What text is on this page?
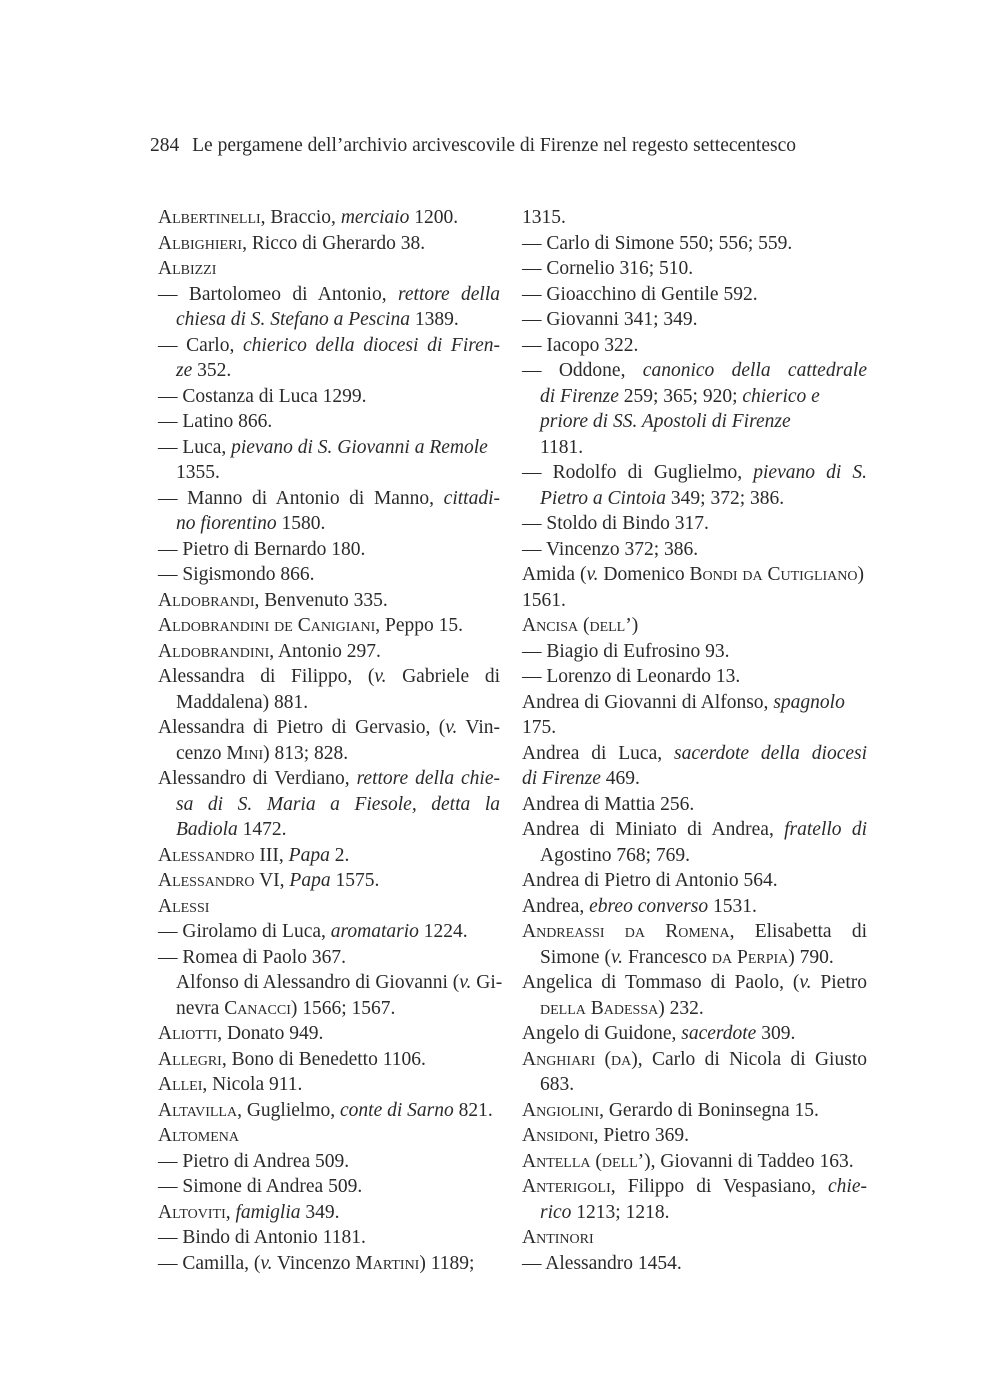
284 Le pergamene dell’archivio arcivescovile di Firenze nel regesto settecentesco
Albertinelli, Braccio, merciaio 1200.
Albighieri, Ricco di Gherardo 38.
Albizzi
— Bartolomeo di Antonio, rettore della
chiesa di S. Stefano a Pescina 1389.
— Carlo, chierico della diocesi di Firen-
ze 352.
— Costanza di Luca 1299.
— Latino 866.
— Luca, pievano di S. Giovanni a Remole
1355.
— Manno di Antonio di Manno, cittadi-
no fiorentino 1580.
— Pietro di Bernardo 180.
— Sigismondo 866.
Aldobrandi, Benvenuto 335.
Aldobrandini de Canigiani, Peppo 15.
Aldobrandini, Antonio 297.
Alessandra di Filippo, (v. Gabriele di
Maddalena) 881.
Alessandra di Pietro di Gervasio, (v. Vin-
cenzo Mini) 813; 828.
Alessandro di Verdiano, rettore della chie-
sa di S. Maria a Fiesole, detta la
Badiola 1472.
Alessandro III, Papa 2.
Alessandro VI, Papa 1575.
Alessi
— Girolamo di Luca, aromatario 1224.
— Romea di Paolo 367.
Alfonso di Alessandro di Giovanni (v. Gi-
nevra Canacci) 1566; 1567.
Aliotti, Donato 949.
Allegri, Bono di Benedetto 1106.
Allei, Nicola 911.
Altavilla, Guglielmo, conte di Sarno 821.
Altomena
— Pietro di Andrea 509.
— Simone di Andrea 509.
Altoviti, famiglia 349.
— Bindo di Antonio 1181.
— Camilla, (v. Vincenzo Martini) 1189;
1315.
— Carlo di Simone 550; 556; 559.
— Cornelio 316; 510.
— Gioacchino di Gentile 592.
— Giovanni 341; 349.
— Iacopo 322.
— Oddone, canonico della cattedrale
di Firenze 259; 365; 920; chierico e
priore di SS. Apostoli di Firenze
1181.
— Rodolfo di Guglielmo, pievano di S.
Pietro a Cintoia 349; 372; 386.
— Stoldo di Bindo 317.
— Vincenzo 372; 386.
Amida (v. Domenico Bondi da Cutigliano)
1561.
Ancisa (dell’)
— Biagio di Eufrosino 93.
— Lorenzo di Leonardo 13.
Andrea di Giovanni di Alfonso, spagnolo
175.
Andrea di Luca, sacerdote della diocesi
di Firenze 469.
Andrea di Mattia 256.
Andrea di Miniato di Andrea, fratello di
Agostino 768; 769.
Andrea di Pietro di Antonio 564.
Andrea, ebreo converso 1531.
Andreassi da Romena, Elisabetta di
Simone (v. Francesco da Perpia) 790.
Angelica di Tommaso di Paolo, (v. Pietro
della Badessa) 232.
Angelo di Guidone, sacerdote 309.
Anghiari (da), Carlo di Nicola di Giusto
683.
Angiolini, Gerardo di Boninsegna 15.
Ansidoni, Pietro 369.
Antella (dell’), Giovanni di Taddeo 163.
Anterigoli, Filippo di Vespasiano, chie-
rico 1213; 1218.
Antinori
— Alessandro 1454.
